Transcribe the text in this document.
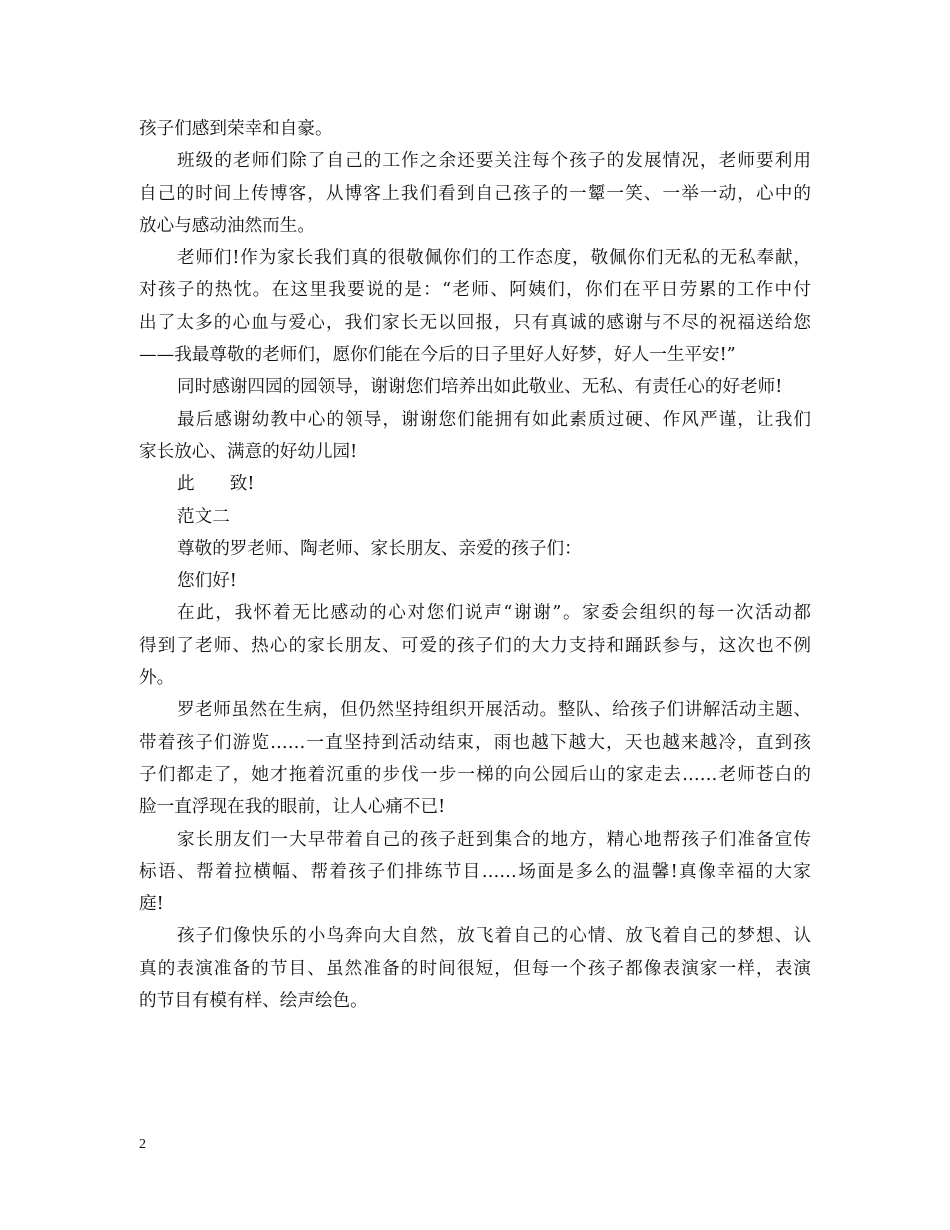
孩子们感到荣幸和自豪。
班级的老师们除了自己的工作之余还要关注每个孩子的发展情况，老师要利用
自己的时间上传博客，从博客上我们看到自己孩子的一颦一笑、一举一动，心中的
放心与感动油然而生。
老师们!作为家长我们真的很敬佩你们的工作态度，敬佩你们无私的无私奉献，
对孩子的热忱。在这里我要说的是：“老师、阿姨们，你们在平日劳累的工作中付
出了太多的心血与爱心，我们家长无以回报，只有真诚的感谢与不尽的祝福送给您
——我最尊敬的老师们，愿你们能在今后的日子里好人好梦，好人一生平安!”
同时感谢四园的园领导，谢谢您们培养出如此敬业、无私、有责任心的好老师!
最后感谢幼教中心的领导，谢谢您们能拥有如此素质过硬、作风严谨，让我们
家长放心、满意的好幼儿园!
此　　致!
范文二
尊敬的罗老师、陶老师、家长朋友、亲爱的孩子们：
您们好!
在此，我怀着无比感动的心对您们说声“谢谢”。家委会组织的每一次活动都
得到了老师、热心的家长朋友、可爱的孩子们的大力支持和踊跃参与，这次也不例
外。
罗老师虽然在生病，但仍然坚持组织开展活动。整队、给孩子们讲解活动主题、
带着孩子们游览……一直坚持到活动结束，雨也越下越大，天也越来越冷，直到孩
子们都走了，她才拖着沉重的步伐一步一梯的向公园后山的家走去……老师苍白的
脸一直浮现在我的眼前，让人心痛不已!
家长朋友们一大早带着自己的孩子赶到集合的地方，精心地帮孩子们准备宣传
标语、帮着拉横幅、帮着孩子们排练节目……场面是多么的温馨!真像幸福的大家
庭!
孩子们像快乐的小鸟奔向大自然，放飞着自己的心情、放飞着自己的梦想、认
真的表演准备的节目、虽然准备的时间很短，但每一个孩子都像表演家一样，表演
的节目有模有样、绘声绘色。
2
